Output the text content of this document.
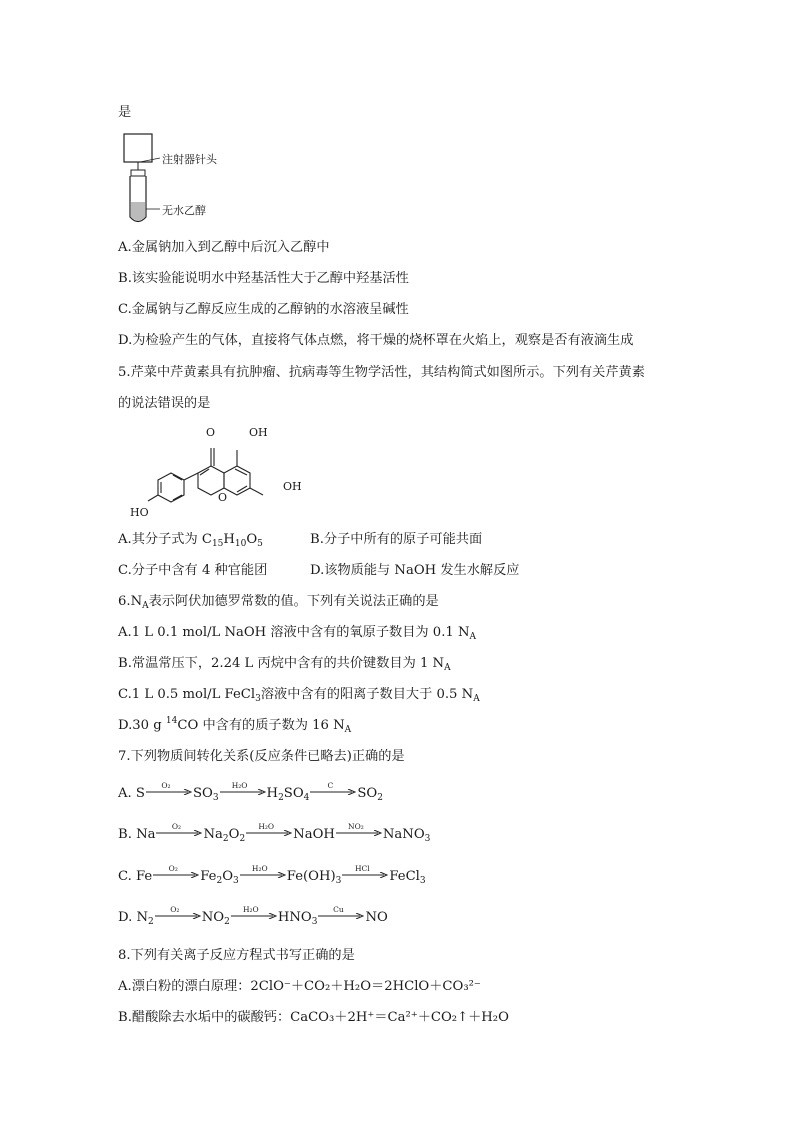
是
注射器针头
无水乙醇
A.金属钠加入到乙醇中后沉入乙醇中
B.该实验能说明水中羟基活性大于乙醇中羟基活性
C.金属钠与乙醇反应生成的乙醇钠的水溶液呈碱性
D.为检验产生的气体，直接将气体点燃，将干燥的烧杯罩在火焰上，观察是否有液滴生成
5.芹菜中芹黄素具有抗肿瘤、抗病毒等生物学活性，其结构简式如图所示。下列有关芹黄素
的说法错误的是
O	OH
OH
HO
O
A.其分子式为 $C_{15}H_{10}O_5$	B.分子中所有的原子可能共面
C.分子中含有 4 种官能团	D.该物质能与 NaOH 发生水解反应
$6.N_A$表示阿伏加德罗常数的值。下列有关说法正确的是
A.1 L 0.1 mol/L NaOH 溶液中含有的氧原子数目为 0.1 $N_A$
B.常温常压下，2.24 L 丙烷中含有的共价键数目为 1 $N_A$
C.1 L 0.5 mol/L FeCl$_3$溶液中含有的阳离子数目大于 0.5 $N_A$
D.30 g $^{14}$CO 中含有的质子数为 16 $N_A$
7.下列物质间转化关系(反应条件已略去)正确的是
A. S
O₂
$SO_3$
H₂O
$H_2SO_4$
C
$SO_2$
B. Na
O₂
$Na_2O_2$
H₂O
NaOH
NO₂
NaNO$_3$
C. Fe
O₂
$Fe_2O_3$
H₂O
$Fe(OH)_3$
HCl
FeCl$_3$
D. $N_2$
O₂
$NO_2$
H₂O
$HNO_3$
Cu
NO
8.下列有关离子反应方程式书写正确的是
A.漂白粉的漂白原理：2ClO⁻＋CO₂＋H₂O＝2HClO＋CO₃²⁻
B.醋酸除去水垢中的碳酸钙：CaCO₃＋2H⁺＝Ca²⁺＋CO₂↑＋H₂O
